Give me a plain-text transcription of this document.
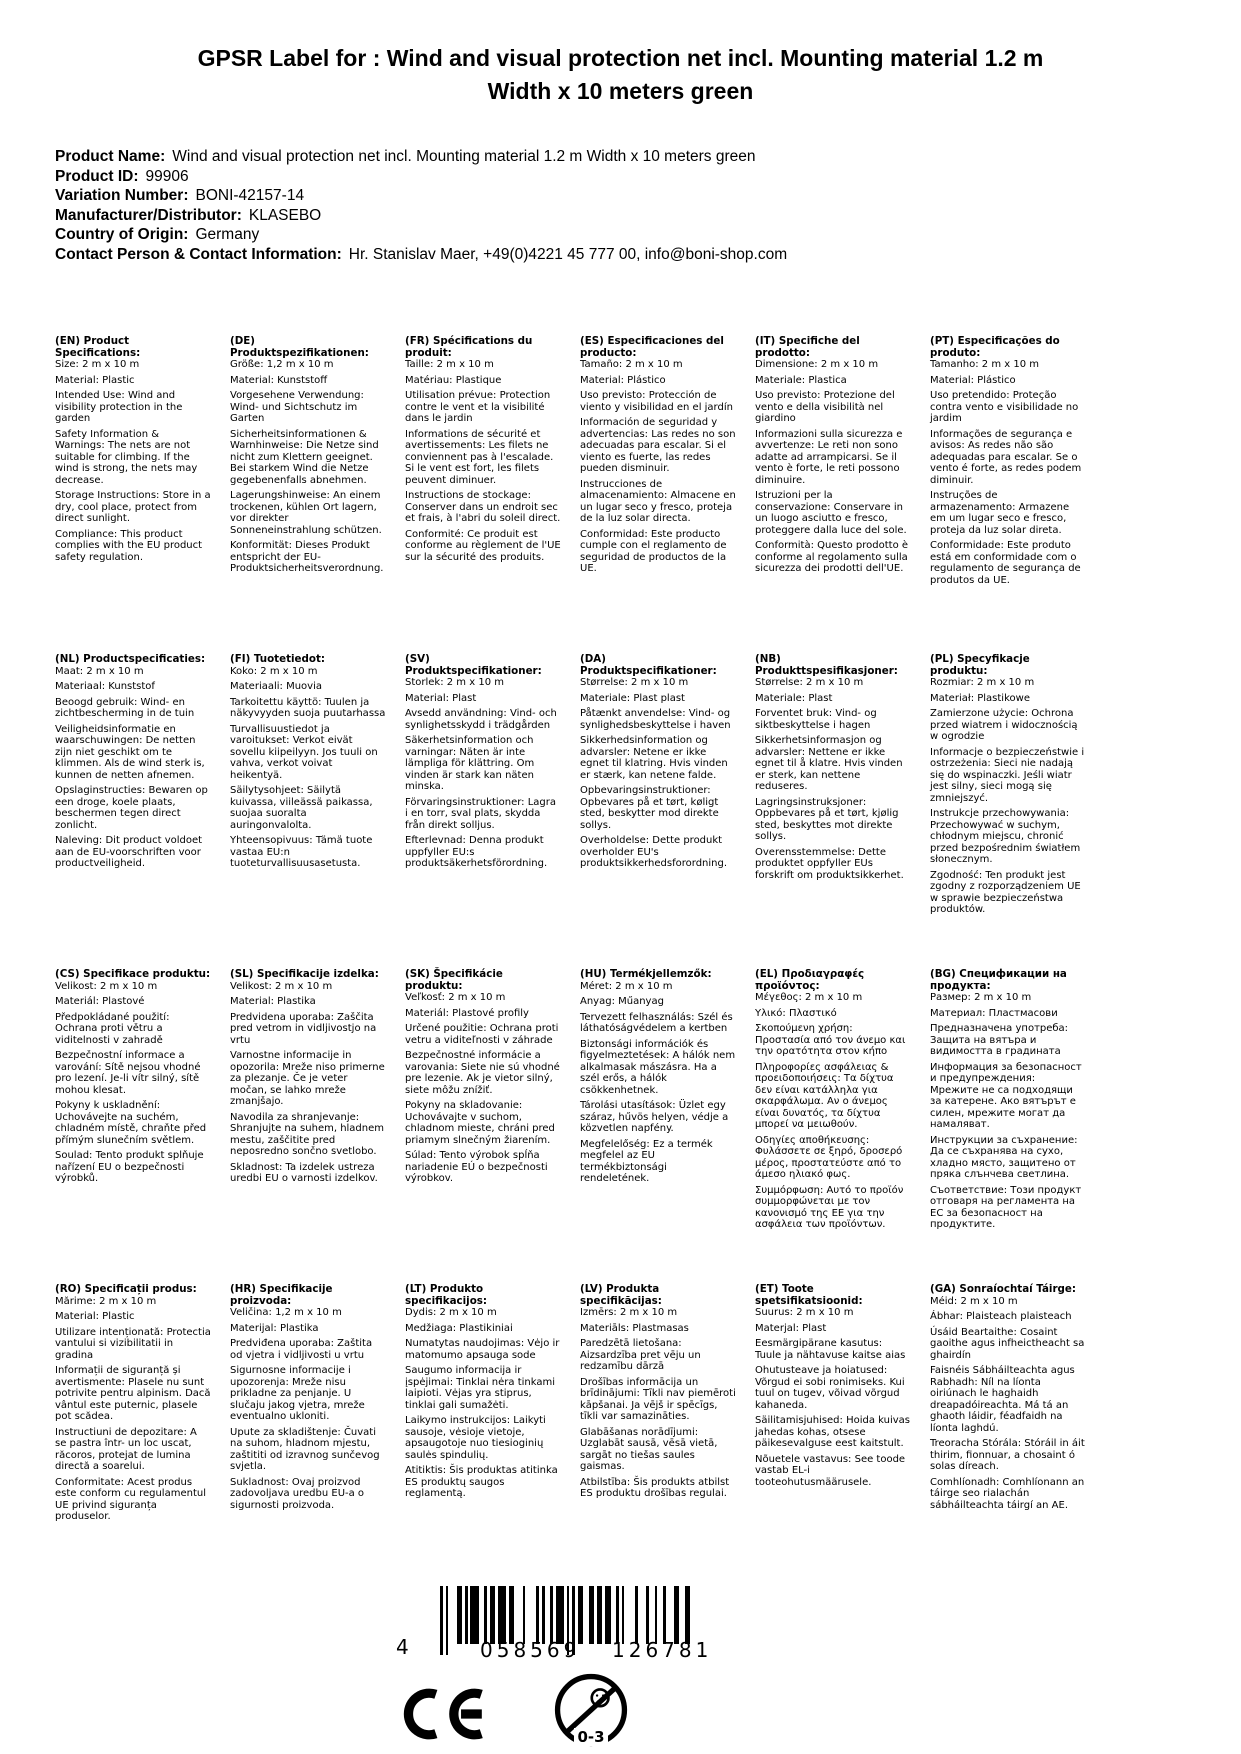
GPSR Label for : Wind and visual protection net incl. Mounting material 1.2 m Width x 10 meters green
Product Name: Wind and visual protection net incl. Mounting material 1.2 m Width x 10 meters green
Product ID: 99906
Variation Number: BONI-42157-14
Manufacturer/Distributor: KLASEBO
Country of Origin: Germany
Contact Person & Contact Information: Hr. Stanislav Maer, +49(0)4221 45 777 00, info@boni-shop.com
(EN) Product Specifications:

Size: 2 m x 10 m

Material: Plastic

Intended Use: Wind and visibility protection in the garden

Safety Information & Warnings: The nets are not suitable for climbing. If the wind is strong, the nets may decrease.

Storage Instructions: Store in a dry, cool place, protect from direct sunlight.

Compliance: This product complies with the EU product safety regulation.

(DE) Produktspezifikationen:

Größe: 1,2 m x 10 m

Material: Kunststoff

Vorgesehene Verwendung: Wind- und Sichtschutz im Garten

Sicherheitsinformationen & Warnhinweise: Die Netze sind nicht zum Klettern geeignet. Bei starkem Wind die Netze gegebenenfalls abnehmen.

Lagerungshinweise: An einem trockenen, kühlen Ort lagern, vor direkter Sonneneinstrahlung schützen.

Konformität: Dieses Produkt entspricht der EU-Produktsicherheitsverordnung.

(FR) Spécifications du produit:

Taille: 2 m x 10 m

Matériau: Plastique

Utilisation prévue: Protection contre le vent et la visibilité dans le jardin

Informations de sécurité et avertissements: Les filets ne conviennent pas à l'escalade. Si le vent est fort, les filets peuvent diminuer.

Instructions de stockage: Conserver dans un endroit sec et frais, à l'abri du soleil direct.

Conformité: Ce produit est conforme au règlement de l'UE sur la sécurité des produits.

(ES) Especificaciones del producto:

Tamaño: 2 m x 10 m

Material: Plástico

Uso previsto: Protección de viento y visibilidad en el jardín

Información de seguridad y advertencias: Las redes no son adecuadas para escalar. Si el viento es fuerte, las redes pueden disminuir.

Instrucciones de almacenamiento: Almacene en un lugar seco y fresco, proteja de la luz solar directa.

Conformidad: Este producto cumple con el reglamento de seguridad de productos de la UE.

(IT) Specifiche del prodotto:

Dimensione: 2 m x 10 m

Materiale: Plastica

Uso previsto: Protezione del vento e della visibilità nel giardino

Informazioni sulla sicurezza e avvertenze: Le reti non sono adatte ad arrampicarsi. Se il vento è forte, le reti possono diminuire.

Istruzioni per la conservazione: Conservare in un luogo asciutto e fresco, proteggere dalla luce del sole.

Conformità: Questo prodotto è conforme al regolamento sulla sicurezza dei prodotti dell'UE.

(PT) Especificações do produto:

Tamanho: 2 m x 10 m

Material: Plástico

Uso pretendido: Proteção contra vento e visibilidade no jardim

Informações de segurança e avisos: As redes não são adequadas para escalar. Se o vento é forte, as redes podem diminuir.

Instruções de armazenamento: Armazene em um lugar seco e fresco, proteja da luz solar direta.

Conformidade: Este produto está em conformidade com o regulamento de segurança de produtos da UE.

(NL) Productspecificaties:

Maat: 2 m x 10 m

Materiaal: Kunststof

Beoogd gebruik: Wind- en zichtbescherming in de tuin

Veiligheidsinformatie en waarschuwingen: De netten zijn niet geschikt om te klimmen. Als de wind sterk is, kunnen de netten afnemen.

Opslaginstructies: Bewaren op een droge, koele plaats, beschermen tegen direct zonlicht.

Naleving: Dit product voldoet aan de EU-voorschriften voor productveiligheid.

(FI) Tuotetiedot:

Koko: 2 m x 10 m

Materiaali: Muovia

Tarkoitettu käyttö: Tuulen ja näkyvyyden suoja puutarhassa

Turvallisuustiedot ja varoitukset: Verkot eivät sovellu kiipeilyyn. Jos tuuli on vahva, verkot voivat heikentyä.

Säilytysohjeet: Säilytä kuivassa, viileässä paikassa, suojaa suoralta auringonvalolta.

Yhteensopivuus: Tämä tuote vastaa EU:n tuoteturvallisuusasetusta.

(SV) Produktspecifikationer:

Storlek: 2 m x 10 m

Material: Plast

Avsedd användning: Vind- och synlighetsskydd i trädgården

Säkerhetsinformation och varningar: Näten är inte lämpliga för klättring. Om vinden är stark kan näten minska.

Förvaringsinstruktioner: Lagra i en torr, sval plats, skydda från direkt solljus.

Efterlevnad: Denna produkt uppfyller EU:s produktsäkerhetsförordning.

(DA) Produktspecifikationer:

Størrelse: 2 m x 10 m

Materiale: Plast plast

Påtænkt anvendelse: Vind- og synlighedsbeskyttelse i haven

Sikkerhedsinformation og advarsler: Netene er ikke egnet til klatring. Hvis vinden er stærk, kan netene falde.

Opbevaringsinstruktioner: Opbevares på et tørt, køligt sted, beskytter mod direkte sollys.

Overholdelse: Dette produkt overholder EU's produktsikkerhedsforordning.

(NB) Produkttspesifikasjoner:

Størrelse: 2 m x 10 m

Materiale: Plast

Forventet bruk: Vind- og siktbeskyttelse i hagen

Sikkerhetsinformasjon og advarsler: Nettene er ikke egnet til å klatre. Hvis vinden er sterk, kan nettene reduseres.

Lagringsinstruksjoner: Oppbevares på et tørt, kjølig sted, beskyttes mot direkte sollys.

Overensstemmelse: Dette produktet oppfyller EUs forskrift om produktsikkerhet.

(PL) Specyfikacje produktu:

Rozmiar: 2 m x 10 m

Materiał: Plastikowe

Zamierzone użycie: Ochrona przed wiatrem i widocznością w ogrodzie

Informacje o bezpieczeństwie i ostrzeżenia: Sieci nie nadają się do wspinaczki. Jeśli wiatr jest silny, sieci mogą się zmniejszyć.

Instrukcje przechowywania: Przechowywać w suchym, chłodnym miejscu, chronić przed bezpośrednim światłem słonecznym.

Zgodność: Ten produkt jest zgodny z rozporządzeniem UE w sprawie bezpieczeństwa produktów.

(CS) Specifikace produktu:

Velikost: 2 m x 10 m

Materiál: Plastové

Předpokládané použití: Ochrana proti větru a viditelnosti v zahradě

Bezpečnostní informace a varování: Sítě nejsou vhodné pro lezení. Je-li vítr silný, sítě mohou klesat.

Pokyny k uskladnění: Uchovávejte na suchém, chladném místě, chraňte před přímým slunečním světlem.

Soulad: Tento produkt splňuje nařízení EU o bezpečnosti výrobků.

(SL) Specifikacije izdelka:

Velikost: 2 m x 10 m

Material: Plastika

Predvidena uporaba: Zaščita pred vetrom in vidljivostjo na vrtu

Varnostne informacije in opozorila: Mreže niso primerne za plezanje. Če je veter močan, se lahko mreže zmanjšajo.

Navodila za shranjevanje: Shranjujte na suhem, hladnem mestu, zaščitite pred neposredno sončno svetlobo.

Skladnost: Ta izdelek ustreza uredbi EU o varnosti izdelkov.

(SK) Špecifikácie produktu:

Veľkosť: 2 m x 10 m

Materiál: Plastové profily

Určené použitie: Ochrana proti vetru a viditeľnosti v záhrade

Bezpečnostné informácie a varovania: Siete nie sú vhodné pre lezenie. Ak je vietor silný, siete môžu znížiť.

Pokyny na skladovanie: Uchovávajte v suchom, chladnom mieste, chráni pred priamym slnečným žiarením.

Súlad: Tento výrobok spĺňa nariadenie EÚ o bezpečnosti výrobkov.

(HU) Termékjellemzők:

Méret: 2 m x 10 m

Anyag: Műanyag

Tervezett felhasználás: Szél és láthatóságvédelem a kertben

Biztonsági információk és figyelmeztetések: A hálók nem alkalmasak mászásra. Ha a szél erős, a hálók csökkenhetnek.

Tárolási utasítások: Üzlet egy száraz, hűvös helyen, védje a közvetlen napfény.

Megfelelőség: Ez a termék megfelel az EU termékbiztonsági rendeletének.

(EL) Προδιαγραφές προϊόντος:

Μέγεθος: 2 m x 10 m

Υλικό: Πλαστικό

Σκοπούμενη χρήση: Προστασία από τον άνεμο και την ορατότητα στον κήπο

Πληροφορίες ασφάλειας & προειδοποιήσεις: Τα δίχτυα δεν είναι κατάλληλα για σκαρφάλωμα. Αν ο άνεμος είναι δυνατός, τα δίχτυα μπορεί να μειωθούν.

Οδηγίες αποθήκευσης: Φυλάσσετε σε ξηρό, δροσερό μέρος, προστατεύστε από το άμεσο ηλιακό φως.

Συμμόρφωση: Αυτό το προϊόν συμμορφώνεται με τον κανονισμό της ΕΕ για την ασφάλεια των προϊόντων.

(BG) Спецификации на продукта:

Размер: 2 m x 10 m

Материал: Пластмасови

Предназначена употреба: Защита на вятъра и видимостта в градината

Информация за безопасност и предупреждения: Мрежите не са подходящи за катерене. Ако вятърът е силен, мрежите могат да намаляват.

Инструкции за съхранение: Да се съхранява на сухо, хладно място, защитено от пряка слънчева светлина.

Съответствие: Този продукт отговаря на регламента на ЕС за безопасност на продуктите.

(RO) Specificații produs:

Mărime: 2 m x 10 m

Material: Plastic

Utilizare intenționată: Protectia vantului si vizibilitatii in gradina

Informații de siguranță și avertismente: Plasele nu sunt potrivite pentru alpinism. Dacă vântul este puternic, plasele pot scădea.

Instructiuni de depozitare: A se pastra într- un loc uscat, răcoros, protejat de lumina directă a soarelui.

Conformitate: Acest produs este conform cu regulamentul UE privind siguranța produselor.

(HR) Specifikacije proizvoda:

Veličina: 1,2 m x 10 m

Materijal: Plastika

Predviđena uporaba: Zaštita od vjetra i vidljivosti u vrtu

Sigurnosne informacije i upozorenja: Mreže nisu prikladne za penjanje. U slučaju jakog vjetra, mreže eventualno ukloniti.

Upute za skladištenje: Čuvati na suhom, hladnom mjestu, zaštititi od izravnog sunčevog svjetla.

Sukladnost: Ovaj proizvod zadovoljava uredbu EU-a o sigurnosti proizvoda.

(LT) Produkto specifikacijos:

Dydis: 2 m x 10 m

Medžiaga: Plastikiniai

Numatytas naudojimas: Vėjo ir matomumo apsauga sode

Saugumo informacija ir įspėjimai: Tinklai nėra tinkami laipioti. Vėjas yra stiprus, tinklai gali sumažėti.

Laikymo instrukcijos: Laikyti sausoje, vėsioje vietoje, apsaugotoje nuo tiesioginių saulės spindulių.

Atitiktis: Šis produktas atitinka ES produktų saugos reglamentą.

(LV) Produkta specifikācijas:

Izmērs: 2 m x 10 m

Materiāls: Plastmasas

Paredzētā lietošana: Aizsardzība pret vēju un redzamību dārzā

Drošības informācija un brīdinājumi: Tīkli nav piemēroti kāpšanai. Ja vējš ir spēcīgs, tīkli var samazināties.

Glabāšanas norādījumi: Uzglabāt sausā, vēsā vietā, sargāt no tiešas saules gaismas.

Atbilstība: Šis produkts atbilst ES produktu drošības regulai.

(ET) Toote spetsifikatsioonid:

Suurus: 2 m x 10 m

Materjal: Plast

Eesmärgipärane kasutus: Tuule ja nähtavuse kaitse aias

Ohutusteave ja hoiatused: Võrgud ei sobi ronimiseks. Kui tuul on tugev, võivad võrgud kahaneda.

Säilitamisjuhised: Hoida kuivas jahedas kohas, otsese päikesevalguse eest kaitstult.

Nõuetele vastavus: See toode vastab EL-i tooteohutusmäärusele.

(GA) Sonraíochtaí Táirge:

Méid: 2 m x 10 m

Ábhar: Plaisteach plaisteach

Úsáid Beartaithe: Cosaint gaoithe agus infheictheacht sa ghairdín

Faisnéis Sábháilteachta agus Rabhadh: Níl na líonta oiriúnach le haghaidh dreapadóireachta. Má tá an ghaoth láidir, féadfaidh na líonta laghdú.

Treoracha Stórála: Stóráil in áit thirim, fionnuar, a chosaint ó solas díreach.

Comhlíonadh: Comhlíonann an táirge seo rialachán sábháilteachta táirgí an AE.

4	058569 126781
0-3
